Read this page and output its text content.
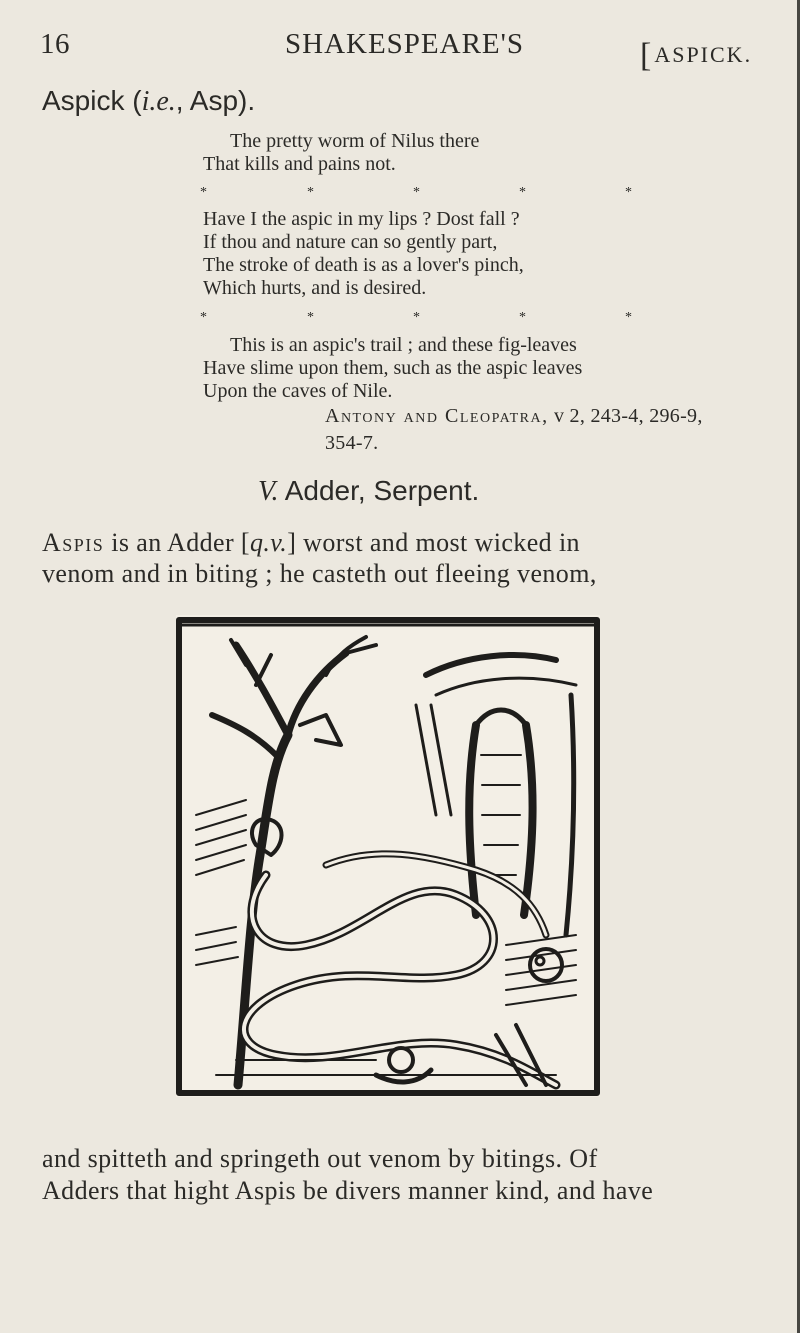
16	SHAKESPEARE'S	[ASPICK.
Aspick (i.e., Asp).
The pretty worm of Nilus there
That kills and pains not.
*	*	*	*	*
Have I the aspic in my lips ? Dost fall ?
If thou and nature can so gently part,
The stroke of death is as a lover's pinch,
Which hurts, and is desired.
*	*	*	*	*
This is an aspic's trail ; and these fig-leaves
Have slime upon them, such as the aspic leaves
Upon the caves of Nile.
Antony and Cleopatra, v 2, 243-4, 296-9,
354-7.
V. Adder, Serpent.
Aspis is an Adder [q.v.] worst and most wicked in
venom and in biting ; he casteth out fleeing venom,
and spitteth and springeth out venom by bitings. Of
Adders that hight Aspis be divers manner kind, and have
